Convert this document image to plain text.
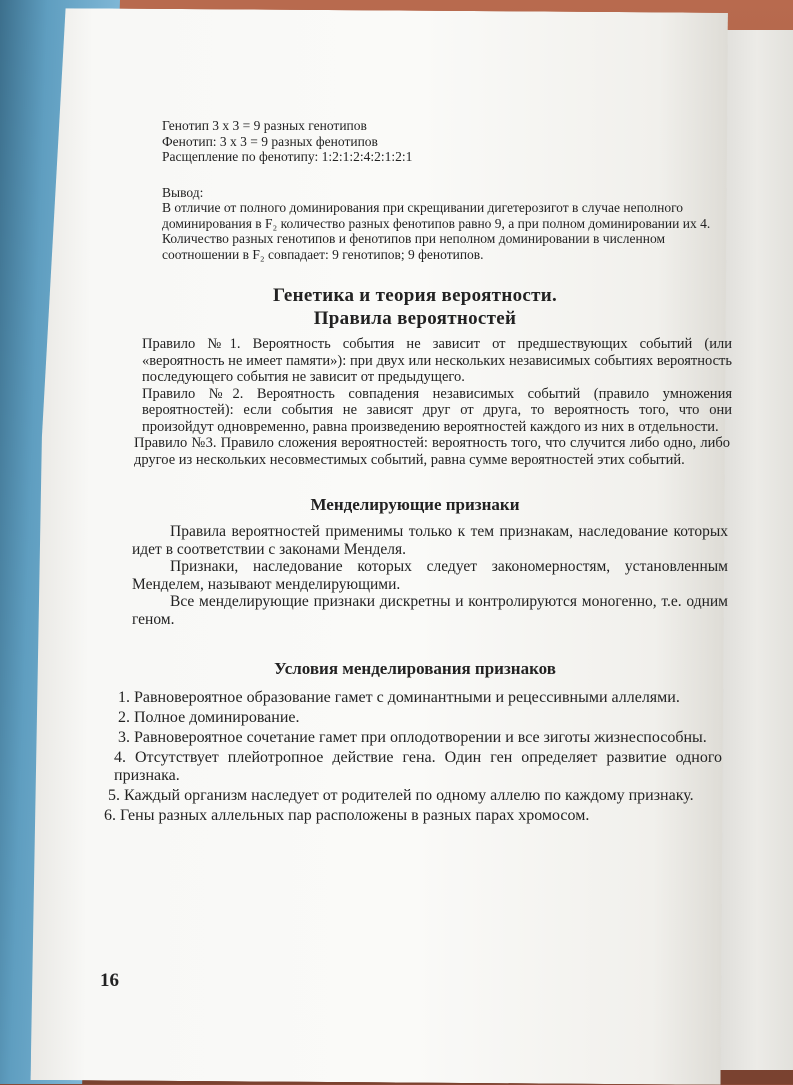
Генотип 3 х 3 = 9 разных генотипов

Фенотип: 3 х 3 = 9 разных фенотипов

Расщепление по фенотипу: 1:2:1:2:4:2:1:2:1

Вывод:

В отличие от полного доминирования при скрещивании дигетерозигот в случае неполного доминирования в F₂ количество разных фенотипов равно 9, а при полном доминировании их 4.

Количество разных генотипов и фенотипов при неполном доминировании в численном соотношении в F₂ совпадает: 9 генотипов; 9 фенотипов.

Генетика и теория вероятности.
Правила вероятностей

Правило №1. Вероятность события не зависит от предшествующих событий (или «вероятность не имеет памяти»): при двух или нескольких независимых событиях вероятность последующего события не зависит от предыдущего.

Правило №2. Вероятность совпадения независимых событий (правило умножения вероятностей): если события не зависят друг от друга, то вероятность того, что они произойдут одновременно, равна произведению вероятностей каждого из них в отдельности.

Правило №3. Правило сложения вероятностей: вероятность того, что случится либо одно, либо другое из нескольких несовместимых событий, равна сумме вероятностей этих событий.

Менделирующие признаки

Правила вероятностей применимы только к тем признакам, наследование которых идет в соответствии с законами Менделя.

Признаки, наследование которых следует закономерностям, установленным Менделем, называют менделирующими.

Все менделирующие признаки дискретны и контролируются моногенно, т.е. одним геном.

Условия менделирования признаков

1. Равновероятное образование гамет с доминантными и рецессивными аллелями.

2. Полное доминирование.

3. Равновероятное сочетание гамет при оплодотворении и все зиготы жизнеспособны.

4. Отсутствует плейотропное действие гена. Один ген определяет развитие одного признака.

5. Каждый организм наследует от родителей по одному аллелю по каждому признаку.

6. Гены разных аллельных пар расположены в разных парах хромосом.

16
